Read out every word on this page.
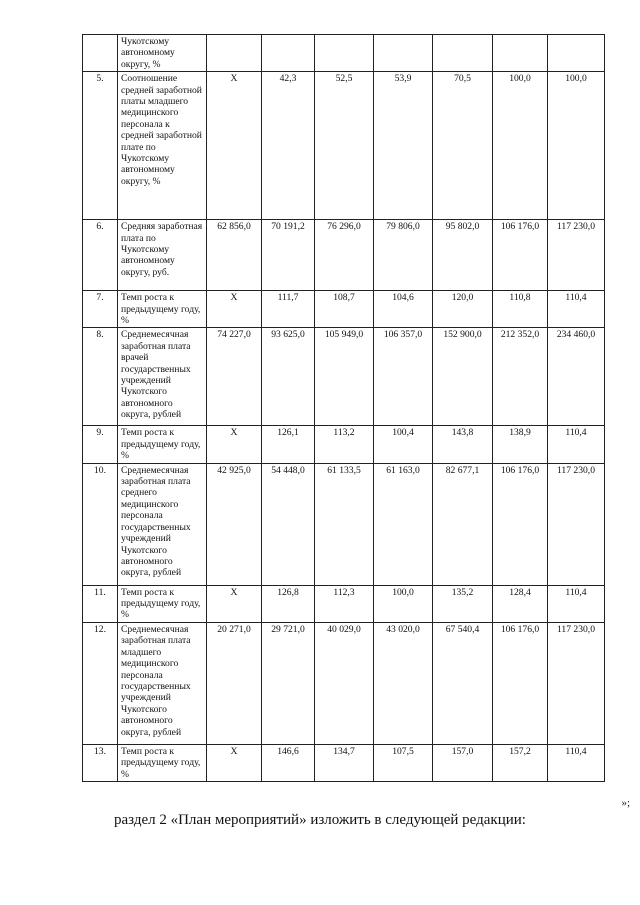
	Чукотскому автономному округу, %							
5.	Соотношение средней заработной платы младшего медицинского персонала к средней заработной плате по Чукотскому автономному округу, %	X	42,3	52,5	53,9	70,5	100,0	100,0
6.	Средняя заработная плата по Чукотскому автономному округу, руб.	62 856,0	70 191,2	76 296,0	79 806,0	95 802,0	106 176,0	117 230,0
7.	Темп роста к предыдущему году, %	X	111,7	108,7	104,6	120,0	110,8	110,4
8.	Среднемесячная заработная плата врачей государственных учреждений Чукотского автономного округа, рублей	74 227,0	93 625,0	105 949,0	106 357,0	152 900,0	212 352,0	234 460,0
9.	Темп роста к предыдущему году, %	X	126,1	113,2	100,4	143,8	138,9	110,4
10.	Среднемесячная заработная плата среднего медицинского персонала государственных учреждений Чукотского автономного округа, рублей	42 925,0	54 448,0	61 133,5	61 163,0	82 677,1	106 176,0	117 230,0
11.	Темп роста к предыдущему году, %	X	126,8	112,3	100,0	135,2	128,4	110,4
12.	Среднемесячная заработная плата младшего медицинского персонала государственных учреждений Чукотского автономного округа, рублей	20 271,0	29 721,0	40 029,0	43 020,0	67 540,4	106 176,0	117 230,0
13.	Темп роста к предыдущему году, %	X	146,6	134,7	107,5	157,0	157,2	110,4
»;
раздел 2 «План мероприятий» изложить в следующей редакции:
